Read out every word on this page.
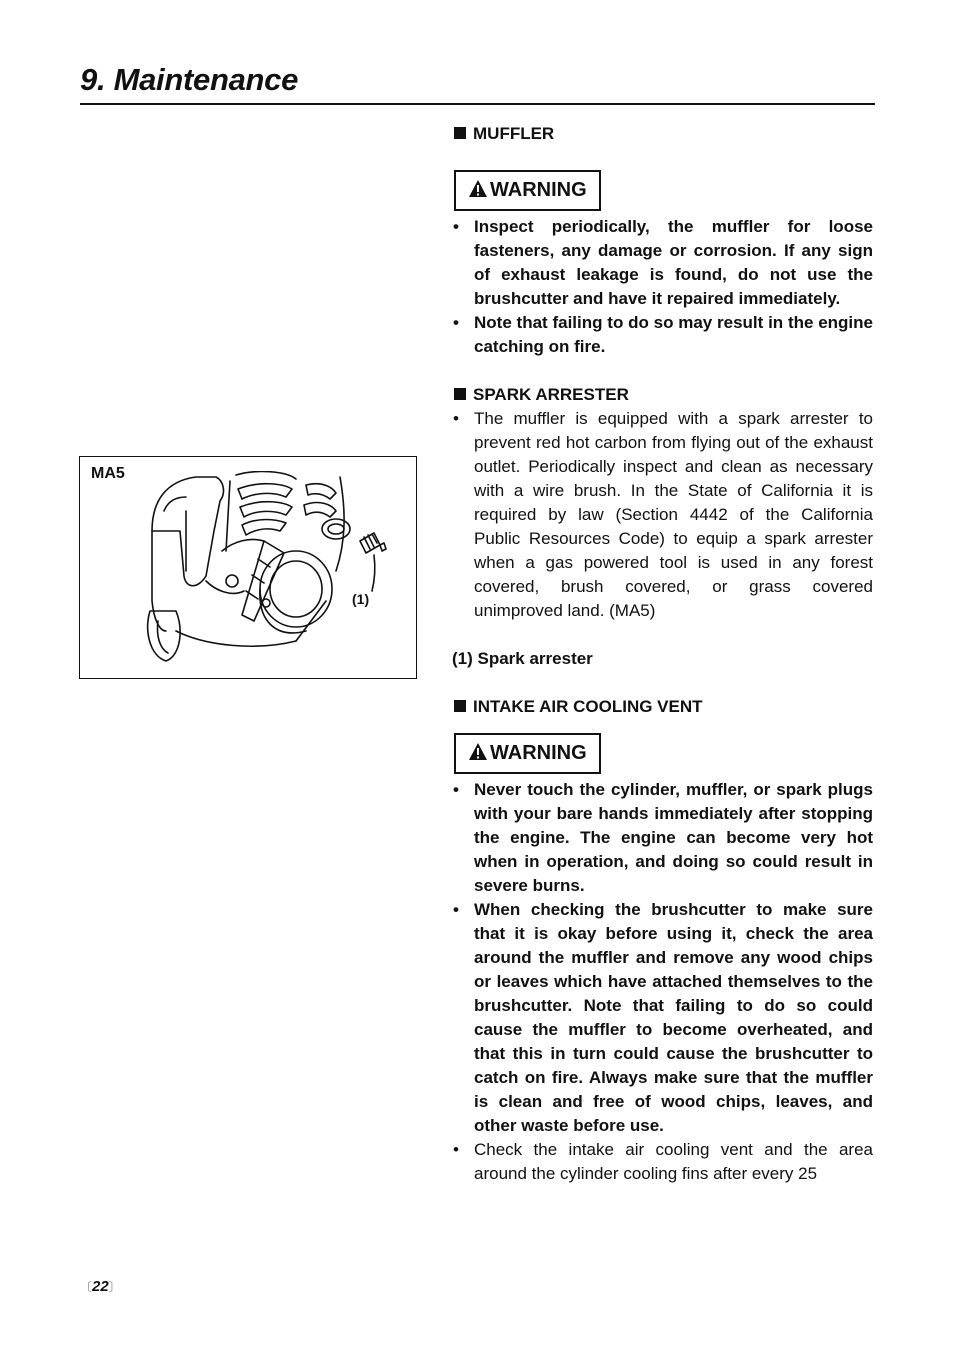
9. Maintenance
MA5
(1)

MUFFLER

WARNING
• Inspect periodically, the muffler for loose fasteners, any damage or corrosion. If any sign of exhaust leakage is found, do not use the brushcutter and have it repaired immediately.
• Note that failing to do so may result in the engine catching on fire.

SPARK ARRESTER

• The muffler is equipped with a spark arrester to prevent red hot carbon from flying out of the exhaust outlet. Periodically inspect and clean as necessary with a wire brush. In the State of California it is required by law (Section 4442 of the California Public Resources Code) to equip a spark arrester when a gas powered tool is used in any forest covered, brush covered, or grass covered unimproved land. (MA5)

(1) Spark arrester

INTAKE AIR COOLING VENT

WARNING
• Never touch the cylinder, muffler, or spark plugs with your bare hands immediately after stopping the engine. The engine can become very hot when in operation, and doing so could result in severe burns.
• When checking the brushcutter to make sure that it is okay before using it, check the area around the muffler and remove any wood chips or leaves which have attached themselves to the brushcutter. Note that failing to do so could cause the muffler to become overheated, and that this in turn could cause the brushcutter to catch on fire. Always make sure that the muffler is clean and free of wood chips, leaves, and other waste before use.
• Check the intake air cooling vent and the area around the cylinder cooling fins after every 25
〔22〕
